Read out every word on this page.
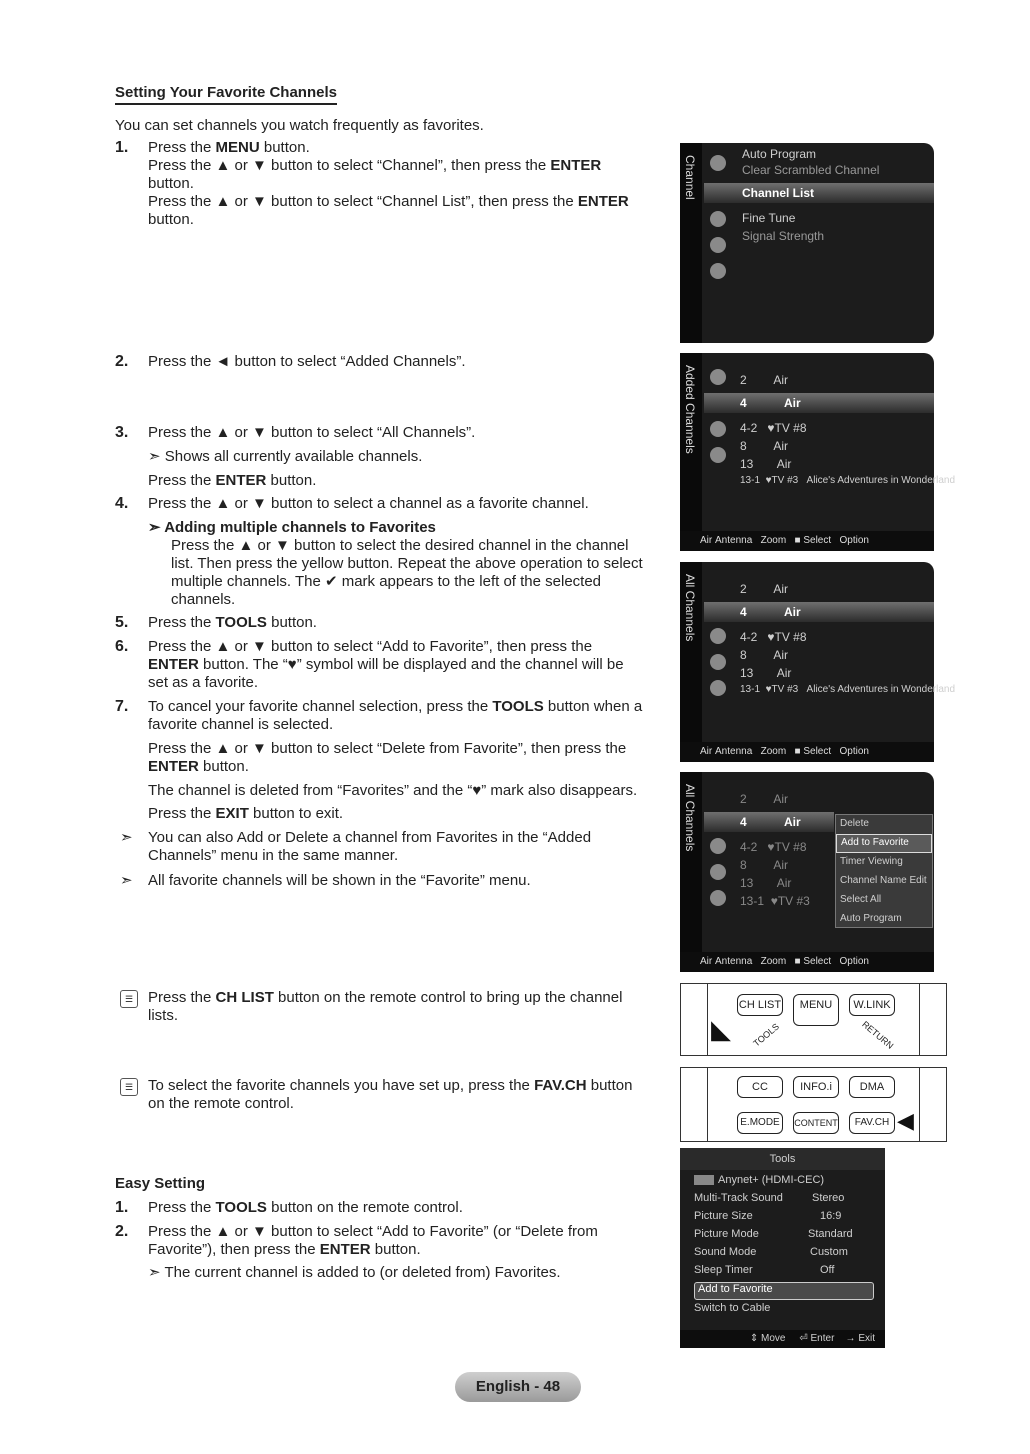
Setting Your Favorite Channels
You can set channels you watch frequently as favorites.
1. Press the MENU button.
Press the ▲ or ▼ button to select “Channel”, then press the ENTER button.
Press the ▲ or ▼ button to select “Channel List”, then press the ENTER button.
2. Press the ◄ button to select “Added Channels”.
3. Press the ▲ or ▼ button to select “All Channels”.
➣ Shows all currently available channels.
Press the ENTER button.
4. Press the ▲ or ▼ button to select a channel as a favorite channel.
➣ Adding multiple channels to Favorites
Press the ▲ or ▼ button to select the desired channel in the channel
list. Then press the yellow button. Repeat the above operation to select
multiple channels. The ✔ mark appears to the left of the selected
channels.
5. Press the TOOLS button.
6. Press the ▲ or ▼ button to select “Add to Favorite”, then press the
ENTER button. The “♥” symbol will be displayed and the channel will be
set as a favorite.
7. To cancel your favorite channel selection, press the TOOLS button when a
favorite channel is selected.
Press the ▲ or ▼ button to select “Delete from Favorite”, then press the
ENTER button.
The channel is deleted from “Favorites” and the “♥” mark also disappears.
Press the EXIT button to exit.
➣ You can also Add or Delete a channel from Favorites in the “Added
Channels” menu in the same manner.
➣ All favorite channels will be shown in the “Favorite” menu.
☰ Press the CH LIST button on the remote control to bring up the channel
lists.
☰ To select the favorite channels you have set up, press the FAV.CH button
on the remote control.
Easy Setting
1. Press the TOOLS button on the remote control.
2. Press the ▲ or ▼ button to select “Add to Favorite” (or “Delete from
Favorite”), then press the ENTER button.
➣ The current channel is added to (or deleted from) Favorites.
Channel
Auto Program
Clear Scrambled Channel
Channel List
Fine Tune
Signal Strength
Added Channels	2 Air
4	Air
4-2 ♥TV #8
8 Air
13 Air
13-1 ♥TV #3 Alice's Adventures in Wonderland
Air Antenna Zoom ■ Select Option
All Channels	2 Air
4	Air
4-2 ♥TV #8
8 Air
13 Air
13-1 ♥TV #3 Alice's Adventures in Wonderland
Air Antenna Zoom ■ Select Option
All Channels	2 Air
4	Air
4-2 ♥TV #8
8 Air
13 Air
13-1 ♥TV #3
Delete
Add to Favorite
Timer Viewing
Channel Name Edit
Select All
Auto Program
Air Antenna Zoom ■ Select Option
CH LIST	MENU	W.LINK
TOOLS	RETURN
◣
CC	INFO.i	DMA
E.MODE	CONTENT	FAV.CH ◀
Tools
Anynet+ (HDMI-CEC)
Multi-Track Sound	Stereo
Picture Size	16:9
Picture Mode	Standard
Sound Mode	Custom
Sleep Timer	Off
Add to Favorite
Switch to Cable
⇕ Move ⏎ Enter → Exit
English - 48
